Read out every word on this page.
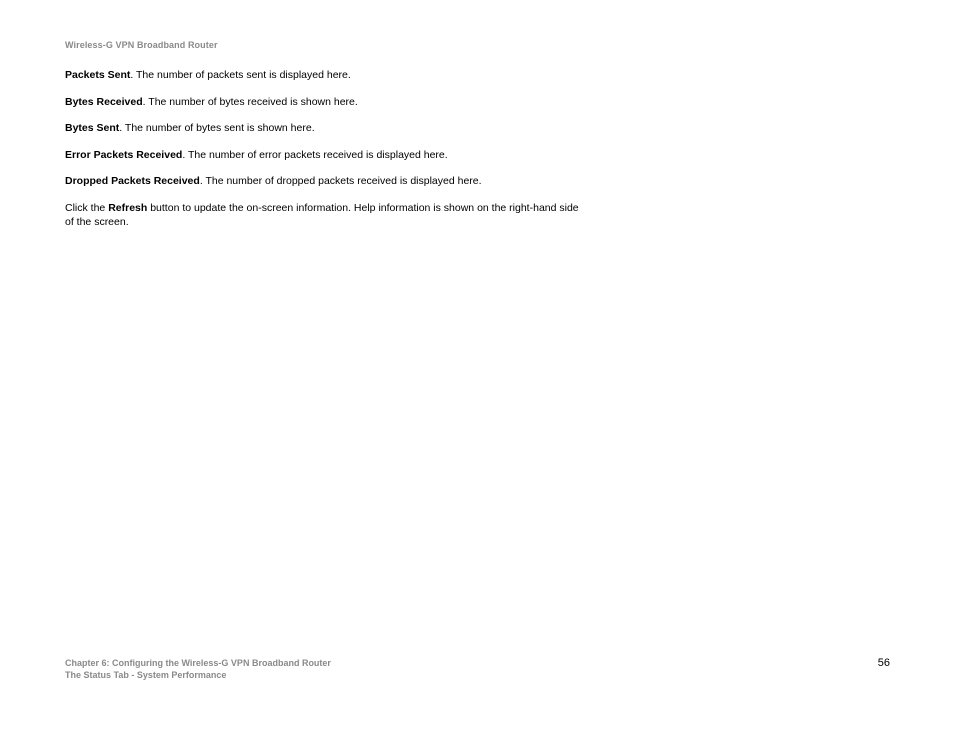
Wireless-G VPN Broadband Router

Packets Sent. The number of packets sent is displayed here.

Bytes Received. The number of bytes received is shown here.

Bytes Sent. The number of bytes sent is shown here.

Error Packets Received. The number of error packets received is displayed here.

Dropped Packets Received. The number of dropped packets received is displayed here.

Click the Refresh button to update the on-screen information. Help information is shown on the right-hand side of the screen.

Chapter 6: Configuring the Wireless-G VPN Broadband Router
The Status Tab - System Performance
56
